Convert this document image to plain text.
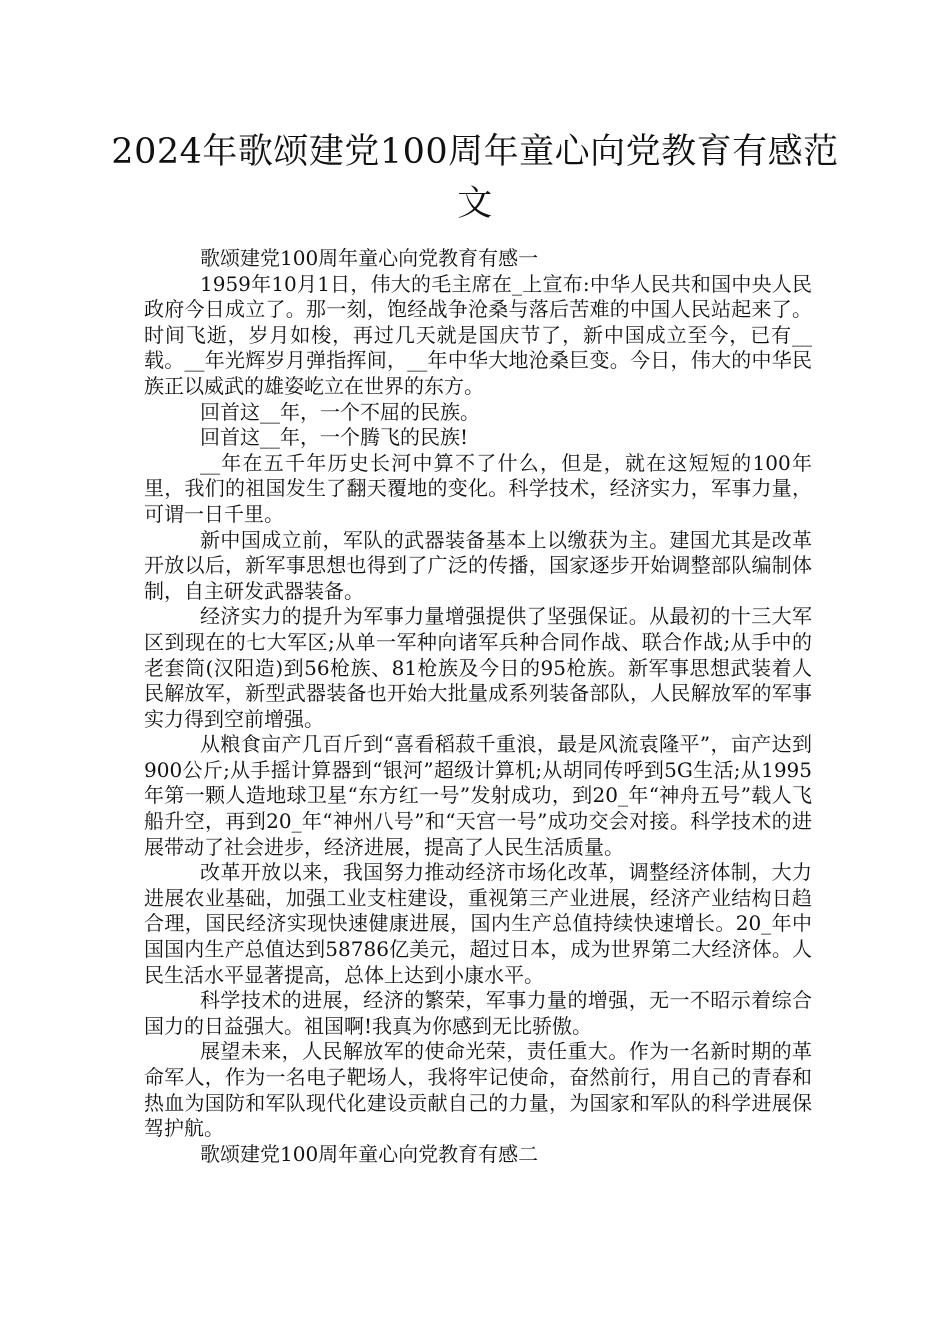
2024年歌颂建党100周年童心向党教育有感范文

歌颂建党100周年童心向党教育有感一

1959年10月1日，伟大的毛主席在_上宣布:中华人民共和国中央人民政府今日成立了。那一刻，饱经战争沧桑与落后苦难的中国人民站起来了。时间飞逝，岁月如梭，再过几天就是国庆节了，新中国成立至今，已有__载。__年光辉岁月弹指挥间，__年中华大地沧桑巨变。今日，伟大的中华民族正以威武的雄姿屹立在世界的东方。

回首这__年，一个不屈的民族。

回首这__年，一个腾飞的民族!

__年在五千年历史长河中算不了什么，但是，就在这短短的100年里，我们的祖国发生了翻天覆地的变化。科学技术，经济实力，军事力量，可谓一日千里。

新中国成立前，军队的武器装备基本上以缴获为主。建国尤其是改革开放以后，新军事思想也得到了广泛的传播，国家逐步开始调整部队编制体制，自主研发武器装备。

经济实力的提升为军事力量增强提供了坚强保证。从最初的十三大军区到现在的七大军区;从单一军种向诸军兵种合同作战、联合作战;从手中的老套筒(汉阳造)到56枪族、81枪族及今日的95枪族。新军事思想武装着人民解放军，新型武器装备也开始大批量成系列装备部队，人民解放军的军事实力得到空前增强。

从粮食亩产几百斤到“喜看稻菽千重浪，最是风流袁隆平”，亩产达到900公斤;从手摇计算器到“银河”超级计算机;从胡同传呼到5G生活;从1995年第一颗人造地球卫星“东方红一号”发射成功，到20_年“神舟五号”载人飞船升空，再到20_年“神州八号”和“天宫一号”成功交会对接。科学技术的进展带动了社会进步，经济进展，提高了人民生活质量。

改革开放以来，我国努力推动经济市场化改革，调整经济体制，大力进展农业基础，加强工业支柱建设，重视第三产业进展，经济产业结构日趋合理，国民经济实现快速健康进展，国内生产总值持续快速增长。20_年中国国内生产总值达到58786亿美元，超过日本，成为世界第二大经济体。人民生活水平显著提高，总体上达到小康水平。

科学技术的进展，经济的繁荣，军事力量的增强，无一不昭示着综合国力的日益强大。祖国啊!我真为你感到无比骄傲。

展望未来，人民解放军的使命光荣，责任重大。作为一名新时期的革命军人，作为一名电子靶场人，我将牢记使命，奋然前行，用自己的青春和热血为国防和军队现代化建设贡献自己的力量，为国家和军队的科学进展保驾护航。

歌颂建党100周年童心向党教育有感二
